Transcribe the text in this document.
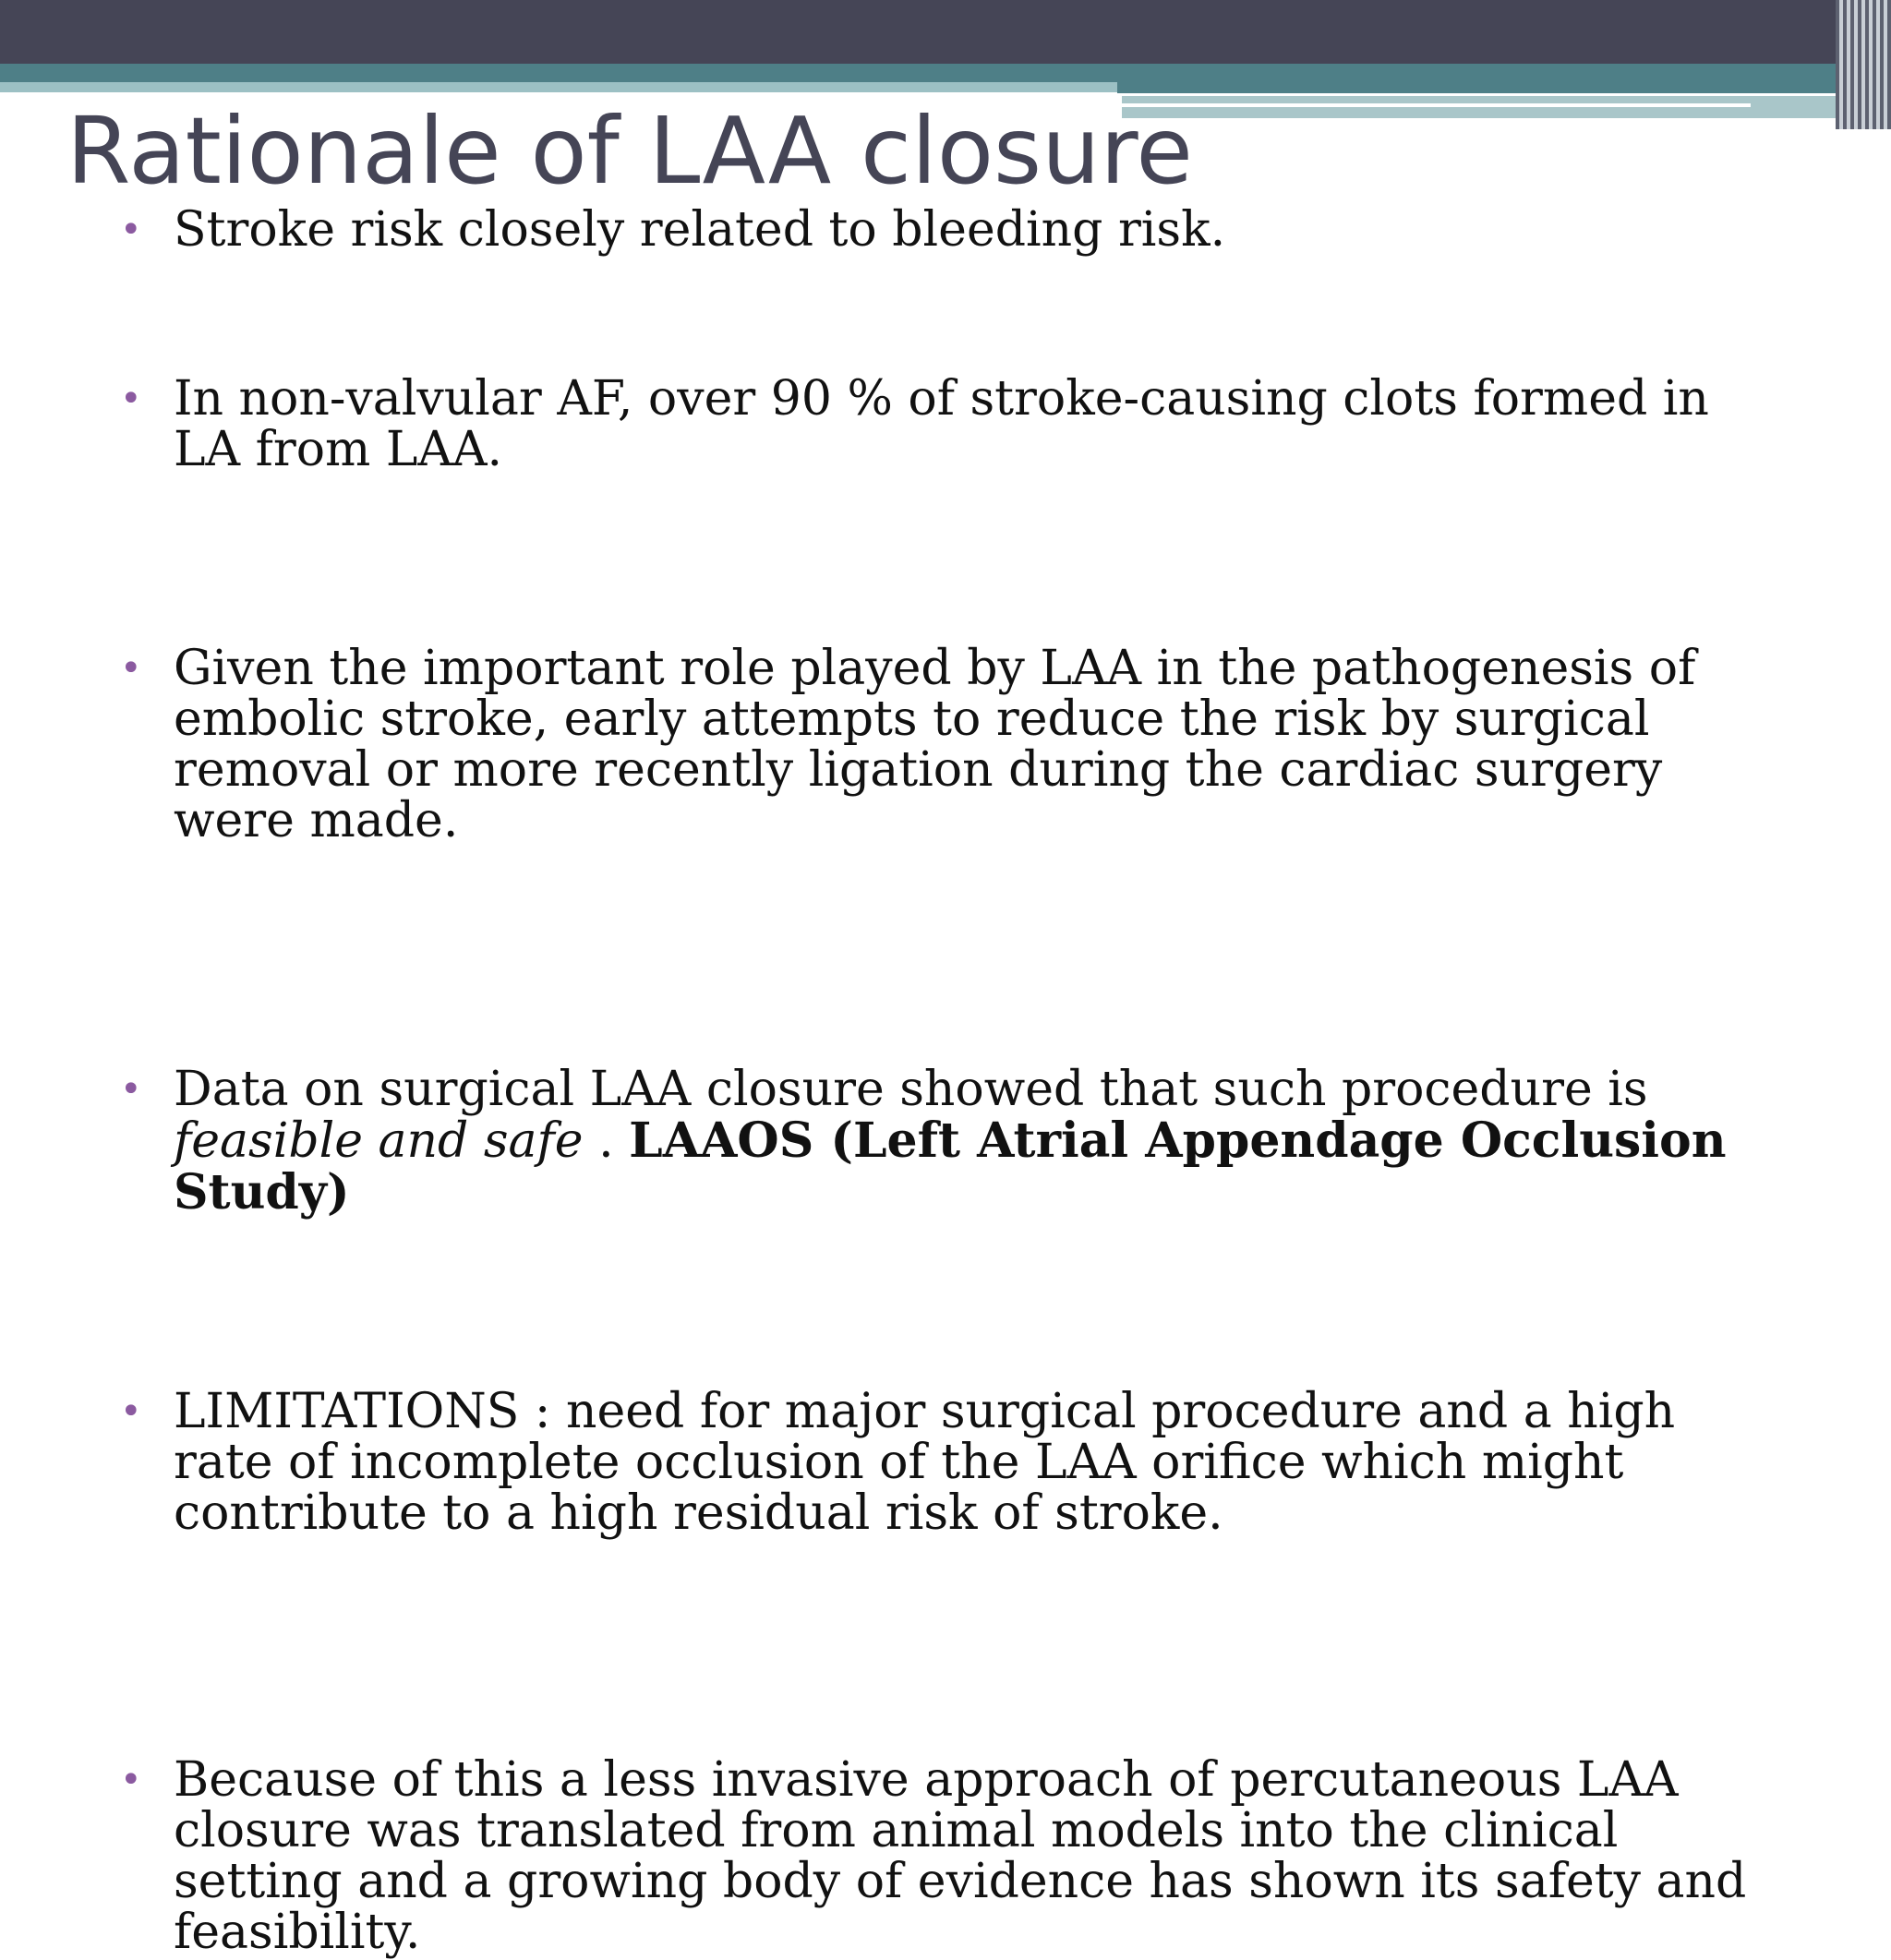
Rationale of LAA closure
• Stroke risk closely related to bleeding risk.
• In non-valvular AF, over 90 % of stroke-causing clots formed in LA from LAA.
• Given the important role played by LAA in the pathogenesis of embolic stroke, early attempts to reduce the risk by surgical removal or more recently ligation during the cardiac surgery were made.
• Data on surgical LAA closure showed that such procedure is feasible and safe . LAAOS (Left Atrial Appendage Occlusion Study)
• LIMITATIONS : need for major surgical procedure and a high rate of incomplete occlusion of the LAA orifice which might contribute to a high residual risk of stroke.
• Because of this a less invasive approach of percutaneous LAA closure was translated from animal models into the clinical setting and a growing body of evidence has shown its safety and feasibility.
